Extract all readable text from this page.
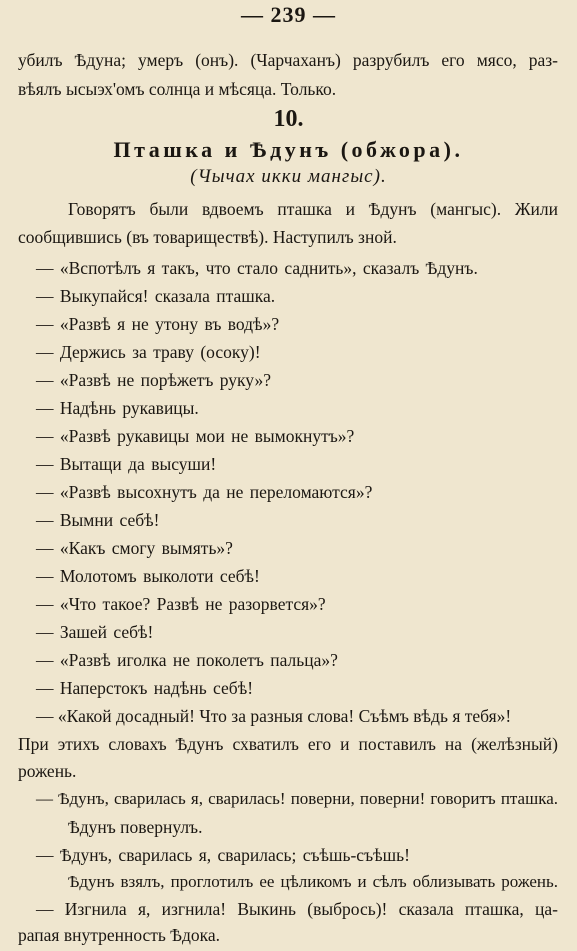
— 239 —
убилъ Ѣдуна; умеръ (онъ). (Чарчаханъ) разрубилъ его мясо, раз-
вѣялъ ысыэх'омъ солнца и мѣсяца. Только.
10.
Пташка и Ѣдунъ (обжора).
(Чычах икки мангыс).
Говорятъ были вдвоемъ пташка и Ѣдунъ (мангыс). Жили
сообщившись (въ товариществѣ). Наступилъ зной.
— «Вспотѣлъ я такъ, что стало саднить», сказалъ Ѣдунъ.
— Выкупайся! сказала пташка.
— «Развѣ я не утону въ водѣ»?
— Держись за траву (осоку)!
— «Развѣ не порѣжетъ руку»?
— Надѣнь рукавицы.
— «Развѣ рукавицы мои не вымокнутъ»?
— Вытащи да высуши!
— «Развѣ высохнутъ да не переломаются»?
— Вымни себѣ!
— «Какъ смогу вымять»?
— Молотомъ выколоти себѣ!
— «Что такое? Развѣ не разорвется»?
— Зашей себѣ!
— «Развѣ иголка не поколетъ пальца»?
— Наперстокъ надѣнь себѣ!
— «Какой досадный! Что за разныя слова! Съѣмъ вѣдь я тебя»!
При этихъ словахъ Ѣдунъ схватилъ его и поставилъ на (желѣзный)
рожень.
— Ѣдунъ, сварилась я, сварилась! поверни, поверни! говоритъ пташка.
Ѣдунъ повернулъ.
— Ѣдунъ, сварилась я, сварилась; съѣшь-съѣшь!
Ѣдунъ взялъ, проглотилъ ее цѣликомъ и сѣлъ облизывать рожень.
— Изгнила я, изгнила! Выкинь (выбрось)! сказала пташка, ца-
рапая внутренность Ѣдока.
